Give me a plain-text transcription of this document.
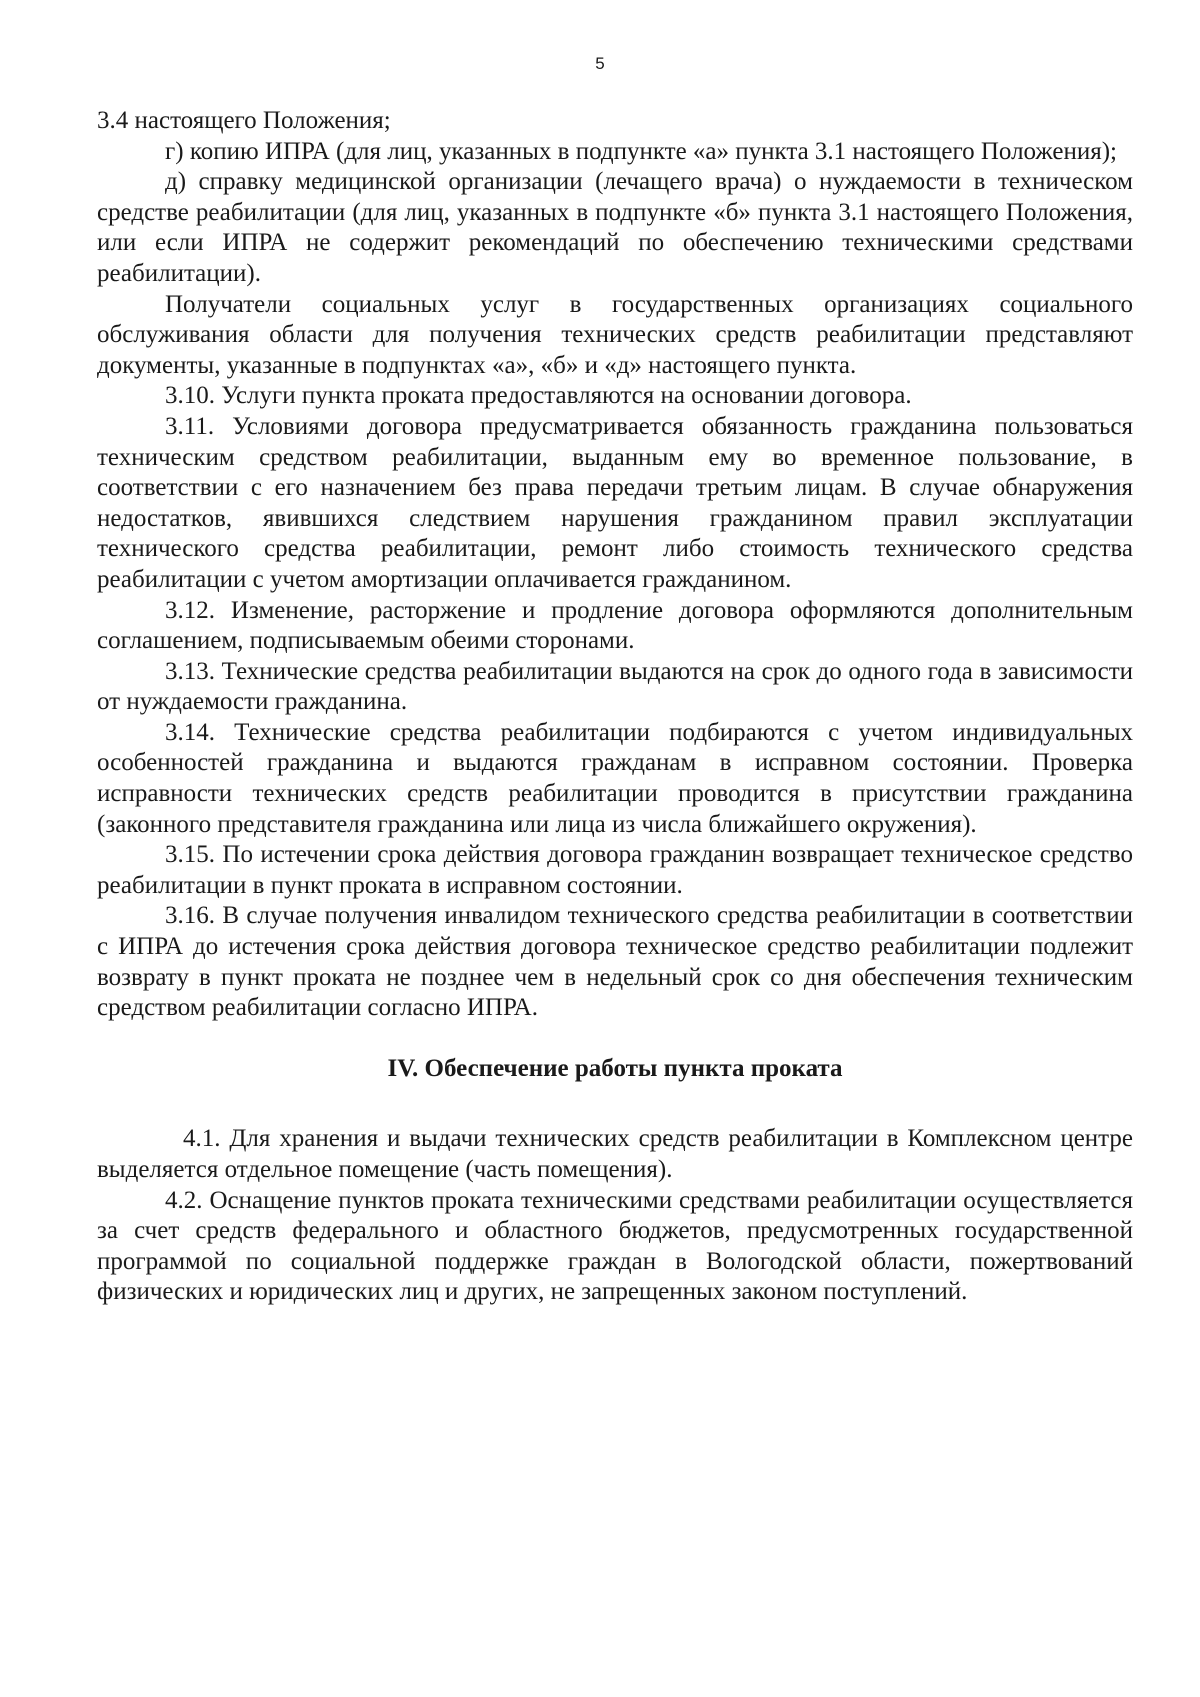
5

3.4 настоящего Положения;

г) копию ИПРА (для лиц, указанных в подпункте «а» пункта 3.1 настоящего Положения);

д) справку медицинской организации (лечащего врача) о нуждаемости в техническом средстве реабилитации (для лиц, указанных в подпункте «б» пункта 3.1 настоящего Положения, или если ИПРА не содержит рекомендаций по обеспечению техническими средствами реабилитации).

Получатели социальных услуг в государственных организациях социального обслуживания области для получения технических средств реабилитации представляют документы, указанные в подпунктах «а», «б» и «д» настоящего пункта.

3.10. Услуги пункта проката предоставляются на основании договора.

3.11. Условиями договора предусматривается обязанность гражданина пользоваться техническим средством реабилитации, выданным ему во временное пользование, в соответствии с его назначением без права передачи третьим лицам. В случае обнаружения недостатков, явившихся следствием нарушения гражданином правил эксплуатации технического средства реабилитации, ремонт либо стоимость технического средства реабилитации с учетом амортизации оплачивается гражданином.

3.12. Изменение, расторжение и продление договора оформляются дополнительным соглашением, подписываемым обеими сторонами.

3.13. Технические средства реабилитации выдаются на срок до одного года в зависимости от нуждаемости гражданина.

3.14. Технические средства реабилитации подбираются с учетом индивидуальных особенностей гражданина и выдаются гражданам в исправном состоянии. Проверка исправности технических средств реабилитации проводится в присутствии гражданина (законного представителя гражданина или лица из числа ближайшего окружения).

3.15. По истечении срока действия договора гражданин возвращает техническое средство реабилитации в пункт проката в исправном состоянии.

3.16. В случае получения инвалидом технического средства реабилитации в соответствии с ИПРА до истечения срока действия договора техническое средство реабилитации подлежит возврату в пункт проката не позднее чем в недельный срок со дня обеспечения техническим средством реабилитации согласно ИПРА.

IV. Обеспечение работы пункта проката

4.1. Для хранения и выдачи технических средств реабилитации в Комплексном центре выделяется отдельное помещение (часть помещения).

4.2. Оснащение пунктов проката техническими средствами реабилитации осуществляется за счет средств федерального и областного бюджетов, предусмотренных государственной программой по социальной поддержке граждан в Вологодской области, пожертвований физических и юридических лиц и других, не запрещенных законом поступлений.
